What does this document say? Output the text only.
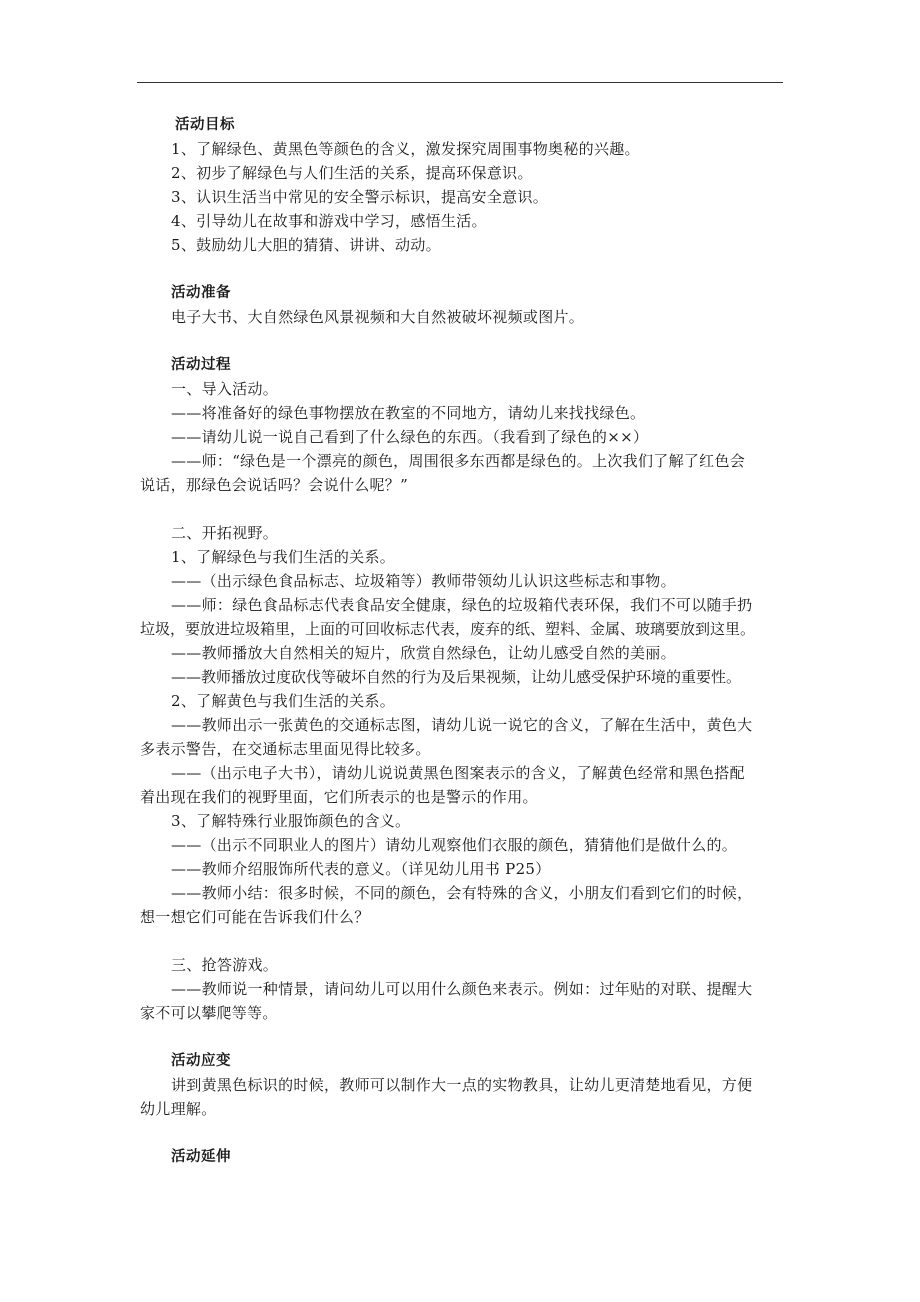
活动目标
1、了解绿色、黄黑色等颜色的含义，激发探究周围事物奥秘的兴趣。
2、初步了解绿色与人们生活的关系，提高环保意识。
3、认识生活当中常见的安全警示标识，提高安全意识。
4、引导幼儿在故事和游戏中学习，感悟生活。
5、鼓励幼儿大胆的猜猜、讲讲、动动。
活动准备
电子大书、大自然绿色风景视频和大自然被破坏视频或图片。
活动过程
一、导入活动。
——将准备好的绿色事物摆放在教室的不同地方，请幼儿来找找绿色。
——请幼儿说一说自己看到了什么绿色的东西。（我看到了绿色的××）
——师：“绿色是一个漂亮的颜色，周围很多东西都是绿色的。上次我们了解了红色会
说话，那绿色会说话吗？会说什么呢？”
二、开拓视野。
1、了解绿色与我们生活的关系。
——（出示绿色食品标志、垃圾箱等）教师带领幼儿认识这些标志和事物。
——师：绿色食品标志代表食品安全健康，绿色的垃圾箱代表环保，我们不可以随手扔
垃圾，要放进垃圾箱里，上面的可回收标志代表，废弃的纸、塑料、金属、玻璃要放到这里。
——教师播放大自然相关的短片，欣赏自然绿色，让幼儿感受自然的美丽。
——教师播放过度砍伐等破坏自然的行为及后果视频，让幼儿感受保护环境的重要性。
2、了解黄色与我们生活的关系。
——教师出示一张黄色的交通标志图，请幼儿说一说它的含义，了解在生活中，黄色大
多表示警告，在交通标志里面见得比较多。
——（出示电子大书），请幼儿说说黄黑色图案表示的含义，了解黄色经常和黑色搭配
着出现在我们的视野里面，它们所表示的也是警示的作用。
3、了解特殊行业服饰颜色的含义。
——（出示不同职业人的图片）请幼儿观察他们衣服的颜色，猜猜他们是做什么的。
——教师介绍服饰所代表的意义。（详见幼儿用书 P25）
——教师小结：很多时候，不同的颜色，会有特殊的含义，小朋友们看到它们的时候，
想一想它们可能在告诉我们什么？
三、抢答游戏。
——教师说一种情景，请问幼儿可以用什么颜色来表示。例如：过年贴的对联、提醒大
家不可以攀爬等等。
活动应变
讲到黄黑色标识的时候，教师可以制作大一点的实物教具，让幼儿更清楚地看见，方便
幼儿理解。
活动延伸
